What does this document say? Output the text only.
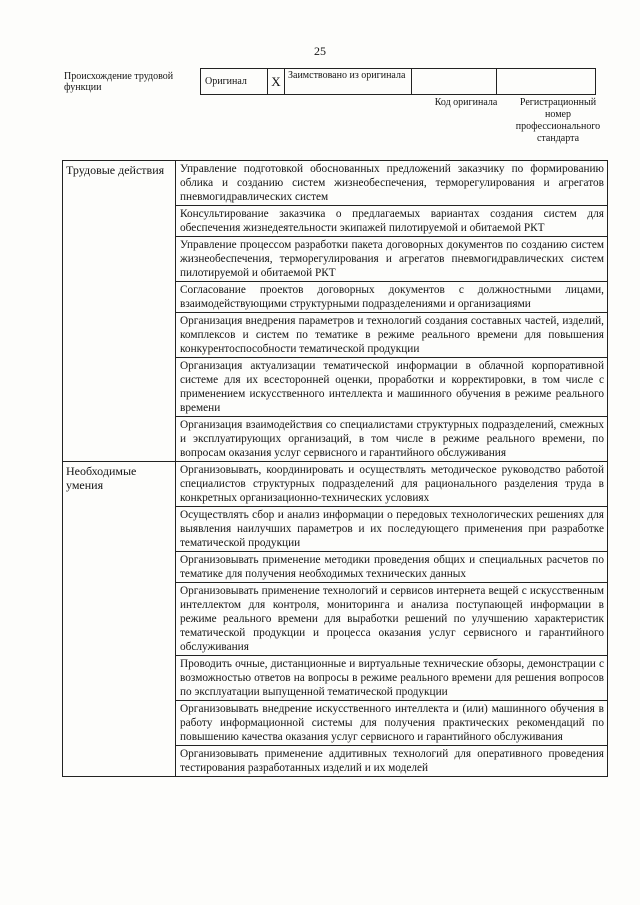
25
Происхождение трудовой функции	Оригинал	X	Заимствовано из оригинала		
Код оригинала	Регистрационный номер профессионального стандарта
Трудовые действия	Управление подготовкой обоснованных предложений заказчику по формированию облика и созданию систем жизнеобеспечения, терморегулирования и агрегатов пневмогидравлических систем
	Консультирование заказчика о предлагаемых вариантах создания систем для обеспечения жизнедеятельности экипажей пилотируемой и обитаемой РКТ
	Управление процессом разработки пакета договорных документов по созданию систем жизнеобеспечения, терморегулирования и агрегатов пневмогидравлических систем пилотируемой и обитаемой РКТ
	Согласование проектов договорных документов с должностными лицами, взаимодействующими структурными подразделениями и организациями
	Организация внедрения параметров и технологий создания составных частей, изделий, комплексов и систем по тематике в режиме реального времени для повышения конкурентоспособности тематической продукции
	Организация актуализации тематической информации в облачной корпоративной системе для их всесторонней оценки, проработки и корректировки, в том числе с применением искусственного интеллекта и машинного обучения в режиме реального времени
	Организация взаимодействия со специалистами структурных подразделений, смежных и эксплуатирующих организаций, в том числе в режиме реального времени, по вопросам оказания услуг сервисного и гарантийного обслуживания
Необходимые умения	Организовывать, координировать и осуществлять методическое руководство работой специалистов структурных подразделений для рационального разделения труда в конкретных организационно-технических условиях
	Осуществлять сбор и анализ информации о передовых технологических решениях для выявления наилучших параметров и их последующего применения при разработке тематической продукции
	Организовывать применение методики проведения общих и специальных расчетов по тематике для получения необходимых технических данных
	Организовывать применение технологий и сервисов интернета вещей с искусственным интеллектом для контроля, мониторинга и анализа поступающей информации в режиме реального времени для выработки решений по улучшению характеристик тематической продукции и процесса оказания услуг сервисного и гарантийного обслуживания
	Проводить очные, дистанционные и виртуальные технические обзоры, демонстрации с возможностью ответов на вопросы в режиме реального времени для решения вопросов по эксплуатации выпущенной тематической продукции
	Организовывать внедрение искусственного интеллекта и (или) машинного обучения в работу информационной системы для получения практических рекомендаций по повышению качества оказания услуг сервисного и гарантийного обслуживания
	Организовывать применение аддитивных технологий для оперативного проведения тестирования разработанных изделий и их моделей
